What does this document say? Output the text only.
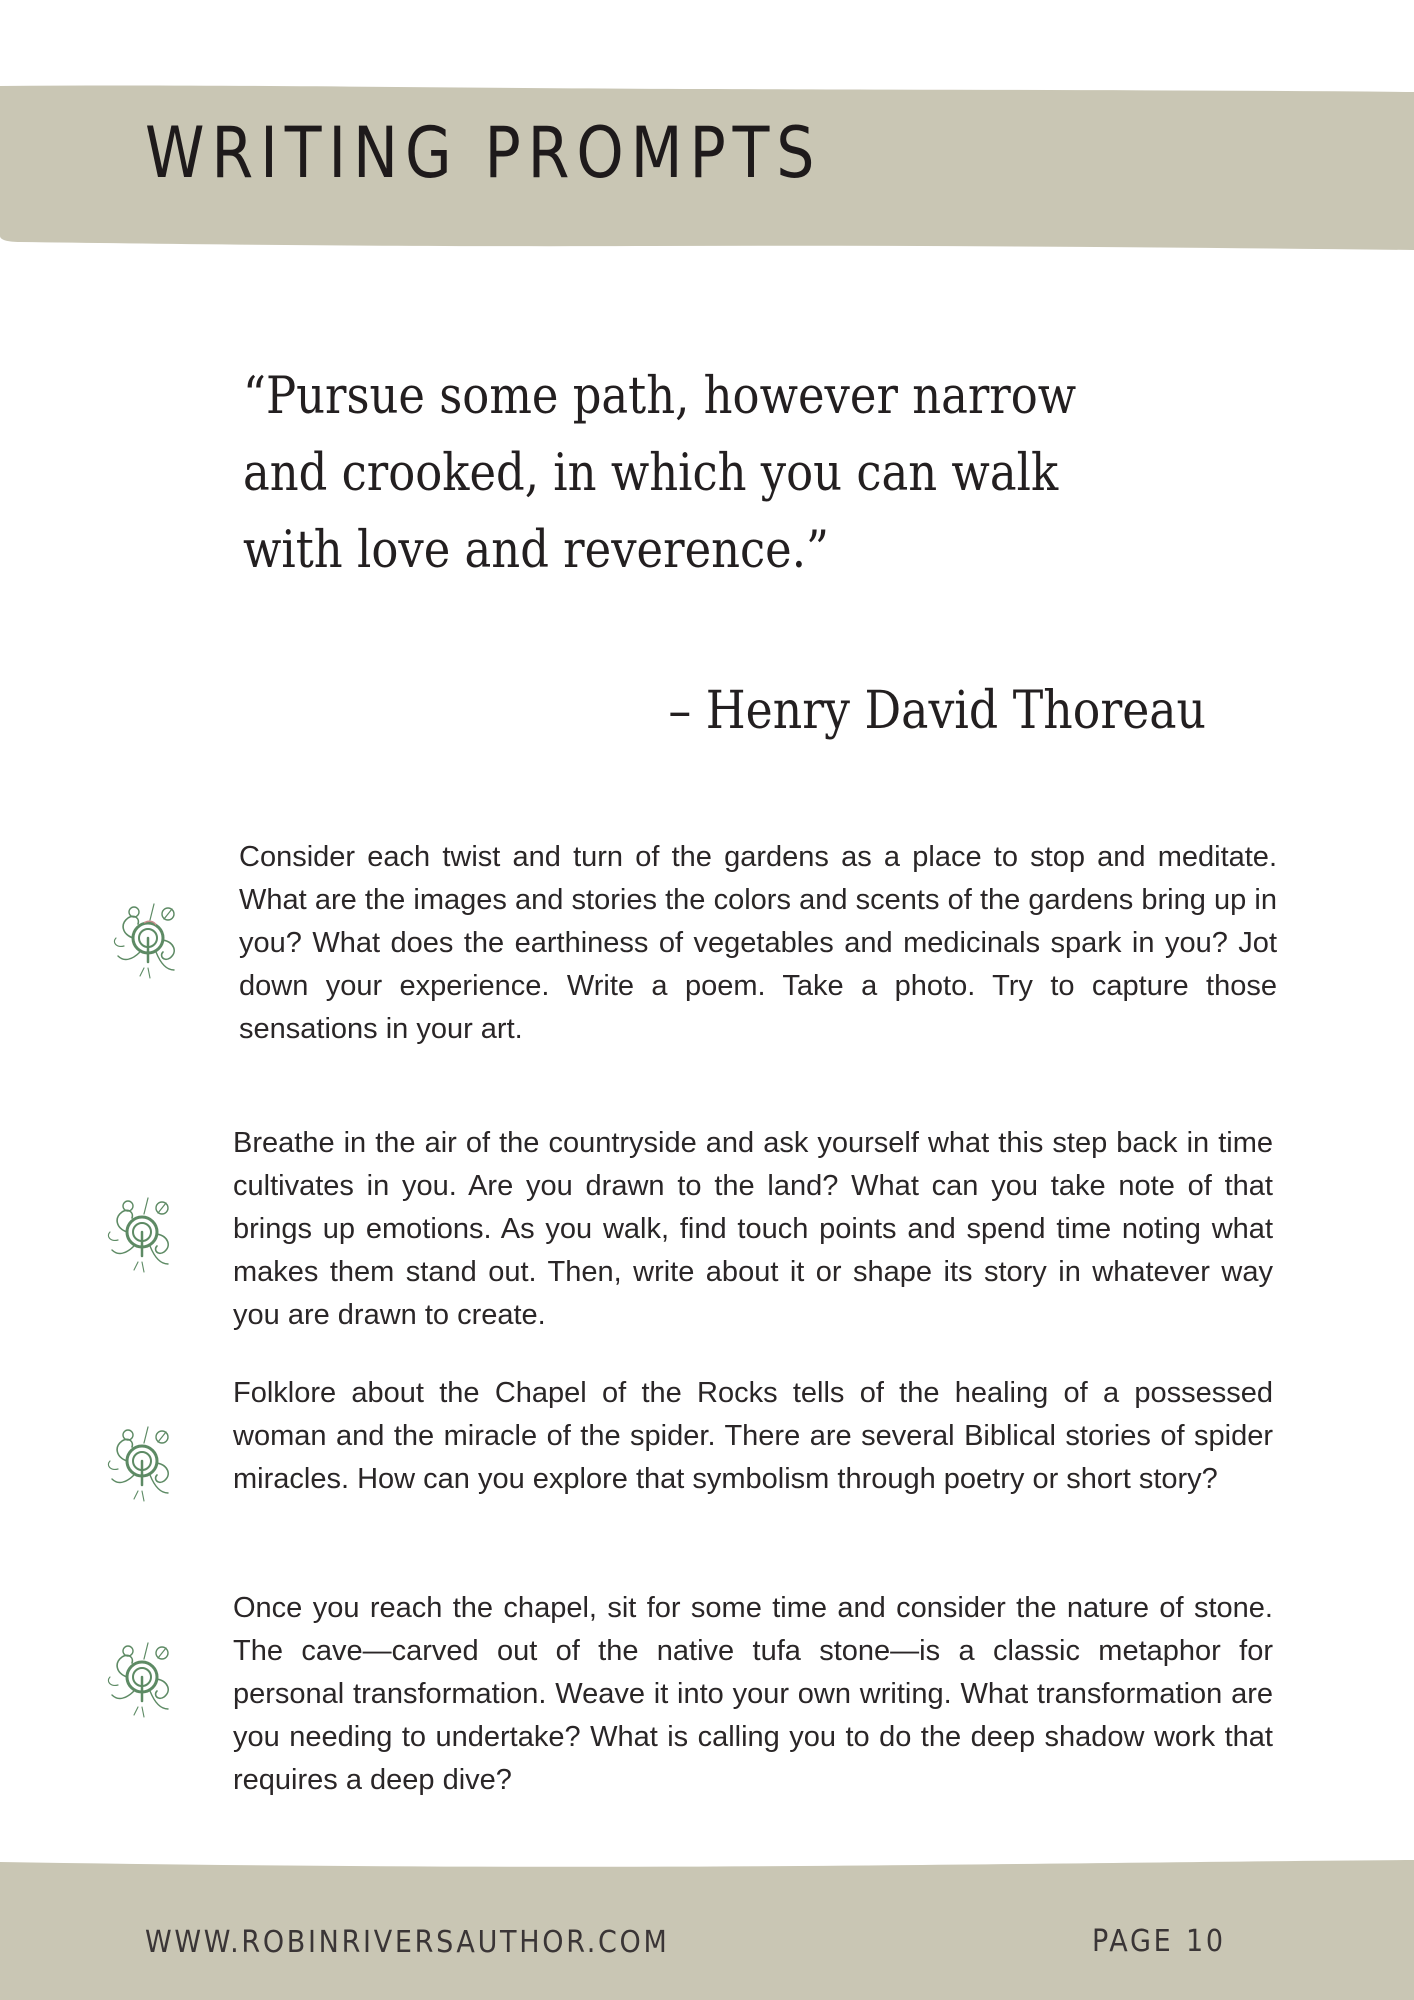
WRITING PROMPTS

“Pursue some path, however narrow and crooked, in which you can walk with love and reverence.”

– Henry David Thoreau

Consider each twist and turn of the gardens as a place to stop and meditate. What are the images and stories the colors and scents of the gardens bring up in you? What does the earthiness of vegetables and medicinals spark in you? Jot down your experience. Write a poem. Take a photo. Try to capture those sensations in your art.

Breathe in the air of the countryside and ask yourself what this step back in time cultivates in you. Are you drawn to the land? What can you take note of that brings up emotions. As you walk, find touch points and spend time noting what makes them stand out. Then, write about it or shape its story in whatever way you are drawn to create.

Folklore about the Chapel of the Rocks tells of the healing of a possessed woman and the miracle of the spider. There are several Biblical stories of spider miracles. How can you explore that symbolism through poetry or short story?

Once you reach the chapel, sit for some time and consider the nature of stone. The cave—carved out of the native tufa stone—is a classic metaphor for personal transformation. Weave it into your own writing. What transformation are you needing to undertake? What is calling you to do the deep shadow work that requires a deep dive?

WWW.ROBINRIVERSAUTHOR.COM	PAGE 10
